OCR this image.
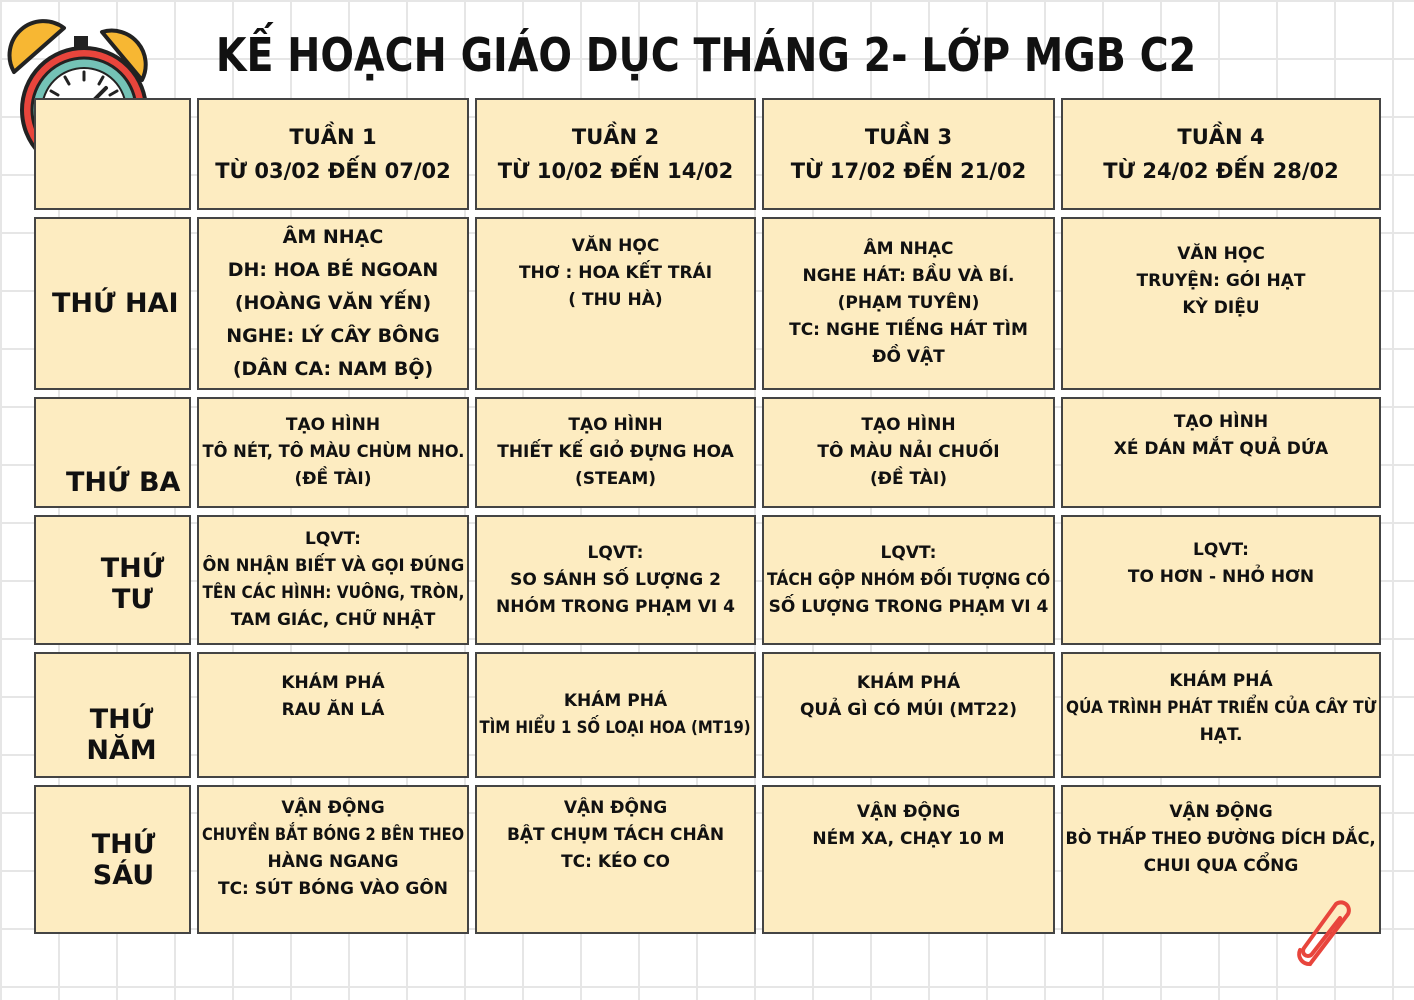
KẾ HOẠCH GIÁO DỤC THÁNG 2- LỚP MGB C2
TUẦN 1
TỪ 03/02 ĐẾN 07/02
TUẦN 2
TỪ 10/02 ĐẾN 14/02
TUẦN 3
TỪ 17/02 ĐẾN 21/02
TUẦN 4
TỪ 24/02 ĐẾN 28/02
THỨ HAI
ÂM NHẠC
DH: HOA BÉ NGOAN
(HOÀNG VĂN YẾN)
NGHE: LÝ CÂY BÔNG
(DÂN CA: NAM BỘ)
VĂN HỌC
THƠ : HOA KẾT TRÁI
( THU HÀ)
ÂM NHẠC
NGHE HÁT: BẦU VÀ BÍ.
(PHẠM TUYÊN)
TC: NGHE TIẾNG HÁT TÌM
ĐỒ VẬT
VĂN HỌC
TRUYỆN: GÓI HẠT
KỲ DIỆU
THỨ BA
TẠO HÌNH
TÔ NÉT, TÔ MÀU CHÙM NHO.
(ĐỀ TÀI)
TẠO HÌNH
THIẾT KẾ GIỎ ĐỰNG HOA
(STEAM)
TẠO HÌNH
TÔ MÀU NẢI CHUỐI
(ĐỀ TÀI)
TẠO HÌNH
XÉ DÁN MẮT QUẢ DỨA
THỨ TƯ
LQVT:
ÔN NHẬN BIẾT VÀ GỌI ĐÚNG
TÊN CÁC HÌNH: VUÔNG, TRÒN,
TAM GIÁC, CHỮ NHẬT
LQVT:
SO SÁNH SỐ LƯỢNG 2
NHÓM TRONG PHẠM VI 4
LQVT:
TÁCH GỘP NHÓM ĐỐI TƯỢNG CÓ
SỐ LƯỢNG TRONG PHẠM VI 4
LQVT:
TO HƠN - NHỎ HƠN
THỨ NĂM
KHÁM PHÁ
RAU ĂN LÁ	KHÁM PHÁ
TÌM HIỂU 1 SỐ LOẠI HOA (MT19)
KHÁM PHÁ
QUẢ GÌ CÓ MÚI (MT22)
KHÁM PHÁ
QÚA TRÌNH PHÁT TRIỂN CỦA CÂY TỪ
HẠT.
THỨ SÁU
VẬN ĐỘNG
CHUYỀN BẮT BÓNG 2 BÊN THEO
HÀNG NGANG
TC: SÚT BÓNG VÀO GÔN
VẬN ĐỘNG
BẬT CHỤM TÁCH CHÂN
TC: KÉO CO
VẬN ĐỘNG
NÉM XA, CHẠY 10 M
VẬN ĐỘNG
BÒ THẤP THEO ĐƯỜNG DÍCH DẮC,
CHUI QUA CỔNG
